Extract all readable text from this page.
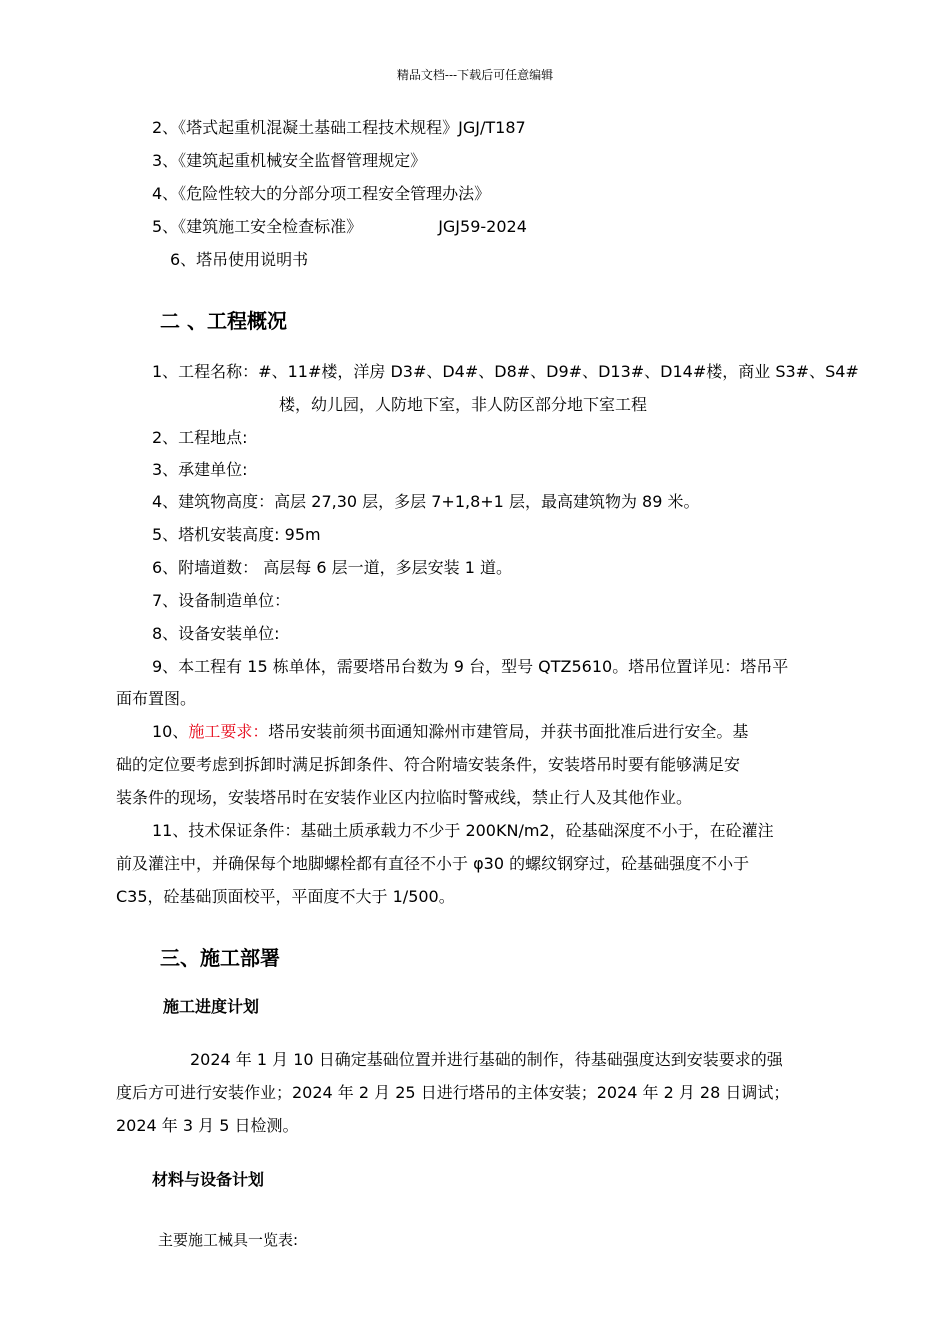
精品文档---下载后可任意编辑
2、《塔式起重机混凝土基础工程技术规程》JGJ/T187
3、《建筑起重机械安全监督管理规定》
4、《危险性较大的分部分项工程安全管理办法》
5、《建筑施工安全检查标准》	JGJ59-2024
6、塔吊使用说明书
二 、工程概况
1、工程名称：#、11#楼，洋房 D3#、D4#、D8#、D9#、D13#、D14#楼，商业 S3#、S4#
楼，幼儿园，人防地下室，非人防区部分地下室工程
2、工程地点:
3、承建单位:
4、建筑物高度：高层 27,30 层，多层 7+1,8+1 层，最高建筑物为 89 米。
5、塔机安装高度: 95m
6、附墙道数： 高层每 6 层一道，多层安装 1 道。
7、设备制造单位：
8、设备安装单位:
9、本工程有 15 栋单体，需要塔吊台数为 9 台，型号 QTZ5610。塔吊位置详见：塔吊平
面布置图。
10、施工要求：塔吊安装前须书面通知滁州市建管局，并获书面批准后进行安全。基
础的定位要考虑到拆卸时满足拆卸条件、符合附墙安装条件，安装塔吊时要有能够满足安
装条件的现场，安装塔吊时在安装作业区内拉临时警戒线，禁止行人及其他作业。
11、技术保证条件：基础土质承载力不少于 200KN/m2，砼基础深度不小于，在砼灌注
前及灌注中，并确保每个地脚螺栓都有直径不小于 φ30 的螺纹钢穿过，砼基础强度不小于
C35，砼基础顶面校平，平面度不大于 1/500。
三、施工部署
施工进度计划
2024 年 1 月 10 日确定基础位置并进行基础的制作，待基础强度达到安装要求的强
度后方可进行安装作业；2024 年 2 月 25 日进行塔吊的主体安装；2024 年 2 月 28 日调试；
2024 年 3 月 5 日检测。
材料与设备计划
主要施工械具一览表:
